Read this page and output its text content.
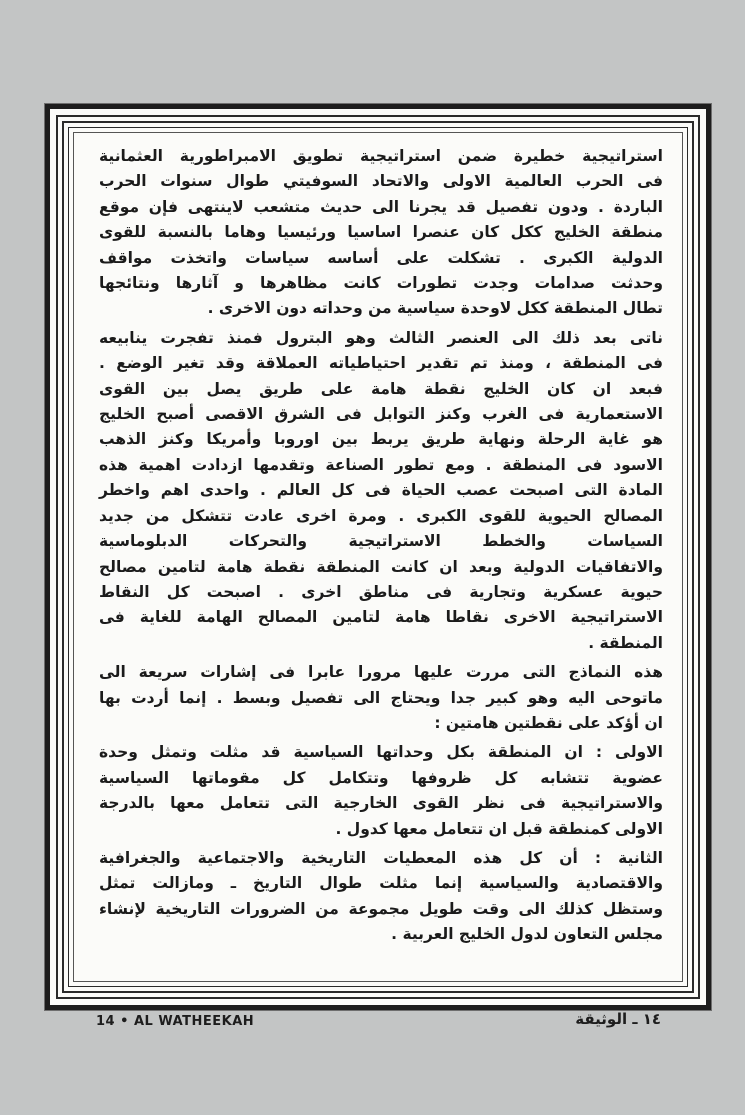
استراتيجية خطيرة ضمن استراتيجية تطويق الامبراطورية العثمانية
فى الحرب العالمية الاولى والاتحاد السوفيتي طوال سنوات الحرب
الباردة . ودون تفصيل قد يجرنا الى حديث متشعب لاينتهى فإن موقع
منطقة الخليج ككل كان عنصرا اساسيا ورئيسيا وهاما بالنسبة للقوى
الدولية الكبرى . تشكلت على أساسه سياسات واتخذت مواقف
وحدثت صدامات وجدت تطورات كانت مظاهرها و آثارها ونتائجها
تطال المنطقة ككل لاوحدة سياسية من وحداته دون الاخرى .
ناتى بعد ذلك الى العنصر الثالث وهو البترول فمنذ تفجرت ينابيعه
فى المنطقة ، ومنذ تم تقدير احتياطياته العملاقة وقد تغير الوضع .
فبعد ان كان الخليج نقطة هامة على طريق يصل بين القوى
الاستعمارية فى الغرب وكنز التوابل فى الشرق الاقصى أصبح الخليج
هو غاية الرحلة ونهاية طريق يربط بين اوروبا وأمريكا وكنز الذهب
الاسود فى المنطقة . ومع تطور الصناعة وتقدمها ازدادت اهمية هذه
المادة التى اصبحت عصب الحياة فى كل العالم . واحدى اهم واخطر
المصالح الحيوية للقوى الكبرى . ومرة اخرى عادت تتشكل من جديد
السياسات والخطط الاستراتيجية والتحركات الدبلوماسية
والاتفاقيات الدولية وبعد ان كانت المنطقة نقطة هامة لتامين مصالح
حيوية عسكرية وتجارية فى مناطق اخرى . اصبحت كل النقاط
الاستراتيجية الاخرى نقاطا هامة لتامين المصالح الهامة للغاية فى
المنطقة .
هذه النماذج التى مررت عليها مرورا عابرا فى إشارات سريعة الى
ماتوحى اليه وهو كبير جدا ويحتاج الى تفصيل وبسط . إنما أردت بها
ان أؤكد على نقطتين هامتين :
الاولى : ان المنطقة بكل وحداتها السياسية قد مثلت وتمثل وحدة
عضوية تتشابه كل ظروفها وتتكامل كل مقوماتها السياسية
والاستراتيجية فى نظر القوى الخارجية التى تتعامل معها بالدرجة
الاولى كمنطقة قبل ان تتعامل معها كدول .
الثانية : أن كل هذه المعطيات التاريخية والاجتماعية والجغرافية
والاقتصادية والسياسية إنما مثلت طوال التاريخ ـ ومازالت تمثل
وستظل كذلك الى وقت طويل مجموعة من الضرورات التاريخية لإنشاء
مجلس التعاون لدول الخليج العربية .
14 • AL WATHEEKAH	١٤ ـ الوثيقة
